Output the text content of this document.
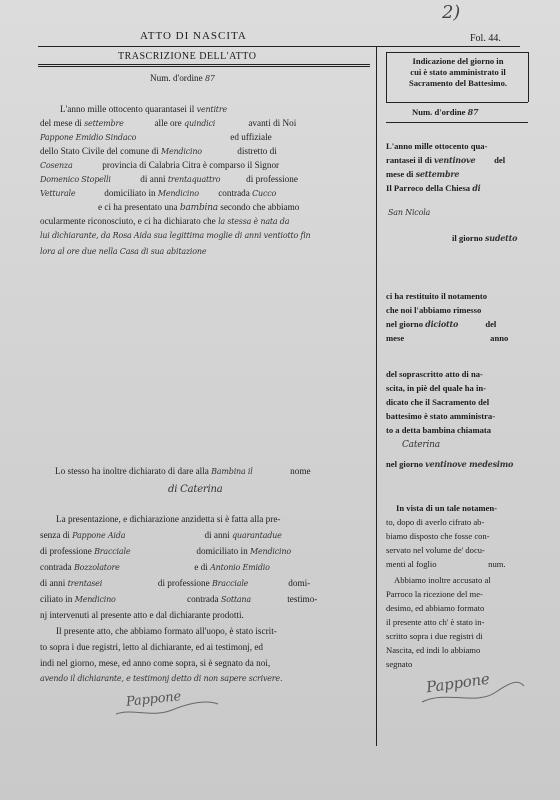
ATTO DI NASCITA
2)
Fol. 44.
TRASCRIZIONE DELL'ATTO
Num. d'ordine 87
L'anno mille ottocento quarantasei il ventitre
del mese di settembre	alle ore quindici	avanti di Noi
Pappone Emidio Sindaco	ed uffiziale
dello Stato Civile del comune di Mendicino	distretto di
Cosenza	provincia di Calabria Citra è comparso il Signor
Domenico Stopelli	di anni trentaquattro	di professione
Vetturale	domiciliato in Mendicino contrada Cucco
e ci ha presentato una bambina secondo che abbiamo
ocularmente riconosciuto, e ci ha dichiarato che la stessa è nata da
lui dichiarante, da Rosa Aida sua legittima moglie di anni ventiotto fin
lora al ore due nella Casa di sua abitazione
Lo stesso ha inoltre dichiarato di dare alla Bambina il	nome
di Caterina
La presentazione, e dichiarazione anzidetta si è fatta alla pre-
senza di Pappone Aida	di anni quarantadue
di professione Bracciale	domiciliato in Mendicino
contrada Bozzolatore	e di Antonio Emidio
di anni trentasei	di professione Bracciale	domi-
ciliato in Mendicino	contrada Sottana	testimo-
nj intervenuti al presente atto e dal dichiarante prodotti.
Il presente atto, che abbiamo formato all'uopo, è stato iscrit-
to sopra i due registri, letto al dichiarante, ed ai testimonj, ed
indi nel giorno, mese, ed anno come sopra, si è segnato da noi,
avendo il dichiarante, e testimonj detto di non sapere scrivere.
Pappone
Indicazione del giorno in
cui è stato amministrato il
Sacramento del Battesimo.
Num. d'ordine 87
L'anno mille ottocento qua-
rantasei il di ventinove del
mese di settembre
Il Parroco della Chiesa di
San Nicola
il giorno sudetto
ci ha restituito il notamento
che noi l'abbiamo rimesso
nel giorno diciotto	del
mese	anno
del soprascritto atto di na-
scita, in piè del quale ha in-
dicato che il Sacramento del
battesimo è stato amministra-
to a detta bambina chiamata
Caterina
nel giorno ventinove medesimo
In vista di un tale notamen-
to, dopo di averlo cifrato ab-
biamo disposto che fosse con-
servato nel volume de' docu-
menti al foglio	num.
Abbiamo inoltre accusato al
Parroco la ricezione del me-
desimo, ed abbiamo formato
il presente atto ch' è stato in-
scritto sopra i due registri di
Nascita, ed indi lo abbiamo
segnato
Pappone
